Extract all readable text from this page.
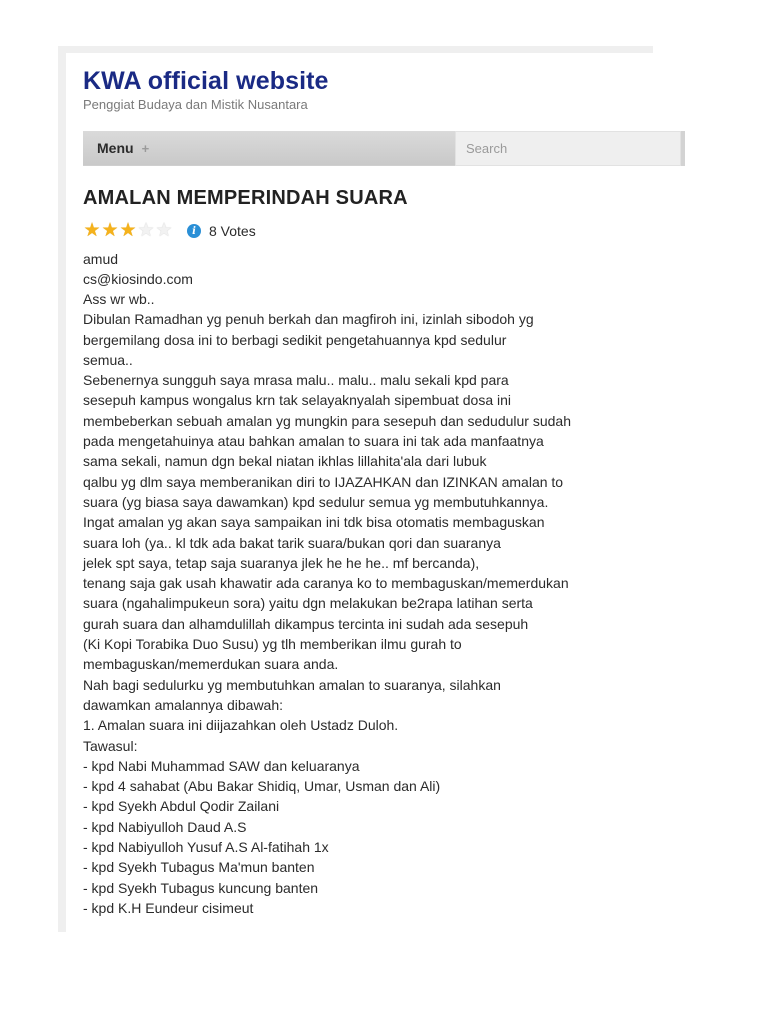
KWA official website
Penggiat Budaya dan Mistik Nusantara
Menu +
Search
AMALAN MEMPERINDAH SUARA
★ ★ ★ ★ ★	i 8 Votes
amud
cs@kiosindo.com

Ass wr wb..
Dibulan Ramadhan yg penuh berkah dan magfiroh ini, izinlah sibodoh yg
bergemilang dosa ini to berbagi sedikit pengetahuannya kpd sedulur
semua..

Sebenernya sungguh saya mrasa malu.. malu.. malu sekali kpd para
sesepuh kampus wongalus krn tak selayaknyalah sipembuat dosa ini
membeberkan sebuah amalan yg mungkin para sesepuh dan sedudulur sudah
pada mengetahuinya atau bahkan amalan to suara ini tak ada manfaatnya
sama sekali, namun dgn bekal niatan ikhlas lillahita'ala dari lubuk
qalbu yg dlm saya memberanikan diri to IJAZAHKAN dan IZINKAN amalan to
suara (yg biasa saya dawamkan) kpd sedulur semua yg membutuhkannya.
Ingat amalan yg akan saya sampaikan ini tdk bisa otomatis membaguskan
suara loh (ya.. kl tdk ada bakat tarik suara/bukan qori dan suaranya
jelek spt saya, tetap saja suaranya jlek he he he.. mf bercanda),
tenang saja gak usah khawatir ada caranya ko to membaguskan/memerdukan
suara (ngahalimpukeun sora) yaitu dgn melakukan be2rapa latihan serta
gurah suara dan alhamdulillah dikampus tercinta ini sudah ada sesepuh
(Ki Kopi Torabika Duo Susu) yg tlh memberikan ilmu gurah to
membaguskan/memerdukan suara anda.
Nah bagi sedulurku yg membutuhkan amalan to suaranya, silahkan
dawamkan amalannya dibawah:

1. Amalan suara ini diijazahkan oleh Ustadz Duloh.
Tawasul:
- kpd Nabi Muhammad SAW dan keluaranya
- kpd 4 sahabat (Abu Bakar Shidiq, Umar, Usman dan Ali)
- kpd Syekh Abdul Qodir Zailani
- kpd Nabiyulloh Daud A.S
- kpd Nabiyulloh Yusuf A.S Al-fatihah 1x
- kpd Syekh Tubagus Ma'mun banten
- kpd Syekh Tubagus kuncung banten
- kpd K.H Eundeur cisimeut
